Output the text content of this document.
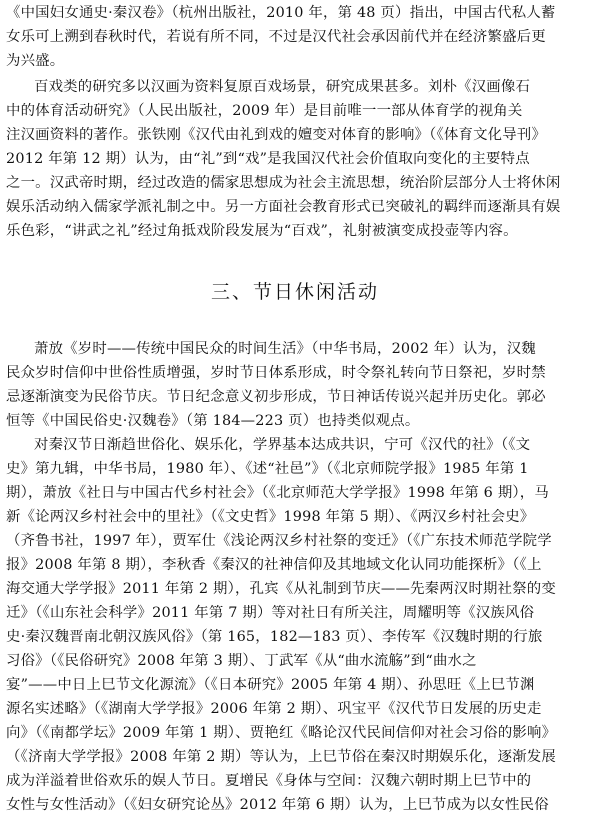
《中国妇女通史·秦汉卷》（杭州出版社，2010 年，第 48 页）指出，中国古代私人蓄
女乐可上溯到春秋时代，若说有所不同，不过是汉代社会承因前代并在经济繁盛后更
为兴盛。
百戏类的研究多以汉画为资料复原百戏场景，研究成果甚多。刘朴《汉画像石
中的体育活动研究》（人民出版社，2009 年）是目前唯一一部从体育学的视角关
注汉画资料的著作。张铁刚《汉代由礼到戏的嬗变对体育的影响》（《体育文化导刊》
2012 年第 12 期）认为，由“礼”到“戏”是我国汉代社会价值取向变化的主要特点
之一。汉武帝时期，经过改造的儒家思想成为社会主流思想，统治阶层部分人士将休闲
娱乐活动纳入儒家学派礼制之中。另一方面社会教育形式已突破礼的羁绊而逐渐具有娱
乐色彩，“讲武之礼”经过角抵戏阶段发展为“百戏”，礼射被演变成投壶等内容。
三、节日休闲活动
萧放《岁时——传统中国民众的时间生活》（中华书局，2002 年）认为，汉魏
民众岁时信仰中世俗性质增强，岁时节日体系形成，时令祭礼转向节日祭祀，岁时禁
忌逐渐演变为民俗节庆。节日纪念意义初步形成，节日神话传说兴起并历史化。郭必
恒等《中国民俗史·汉魏卷》（第 184—223 页）也持类似观点。
对秦汉节日渐趋世俗化、娱乐化，学界基本达成共识，宁可《汉代的社》（《文
史》第九辑，中华书局，1980 年）、《述“社邑”》（《北京师院学报》1985 年第 1
期），萧放《社日与中国古代乡村社会》（《北京师范大学学报》1998 年第 6 期），马
新《论两汉乡村社会中的里社》（《文史哲》1998 年第 5 期）、《两汉乡村社会史》
（齐鲁书社，1997 年），贾军仕《浅论两汉乡村社祭的变迁》（《广东技术师范学院学
报》2008 年第 8 期），李秋香《秦汉的社神信仰及其地域文化认同功能探析》（《上
海交通大学学报》2011 年第 2 期），孔宾《从礼制到节庆——先秦两汉时期社祭的变
迁》（《山东社会科学》2011 年第 7 期）等对社日有所关注，周耀明等《汉族风俗
史·秦汉魏晋南北朝汉族风俗》（第 165，182—183 页）、李传军《汉魏时期的行旅
习俗》（《民俗研究》2008 年第 3 期）、丁武军《从“曲水流觞”到“曲水之
宴”——中日上巳节文化源流》（《日本研究》2005 年第 4 期）、孙思旺《上巳节渊
源名实述略》（《湖南大学学报》2006 年第 2 期）、巩宝平《汉代节日发展的历史走
向》（《南都学坛》2009 年第 1 期）、贾艳红《略论汉代民间信仰对社会习俗的影响》
（《济南大学学报》2008 年第 2 期）等认为，上巳节俗在秦汉时期娱乐化，逐渐发展
成为洋溢着世俗欢乐的娱人节日。夏增民《身体与空间：汉魏六朝时期上巳节中的
女性与女性活动》（《妇女研究论丛》2012 年第 6 期）认为，上巳节成为以女性民俗
